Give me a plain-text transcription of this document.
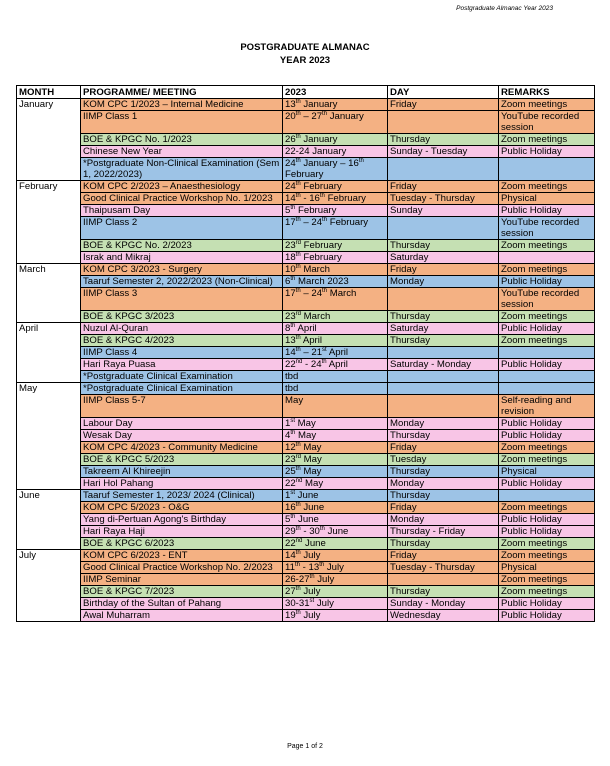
Postgraduate Almanac Year 2023
POSTGRADUATE ALMANAC
YEAR 2023
MONTH	PROGRAMME/ MEETING	2023	DAY	REMARKS
January	KOM CPC 1/2023 – Internal Medicine	13th January	Friday	Zoom meetings
	IIMP Class 1	20th – 27th January		YouTube recorded session
	BOE & KPGC No. 1/2023	26th January	Thursday	Zoom meetings
	Chinese New Year	22-24 January	Sunday - Tuesday	Public Holiday
	*Postgraduate Non-Clinical Examination (Sem 1, 2022/2023)	24th January – 16th February		
February	KOM CPC 2/2023 – Anaesthesiology	24th February	Friday	Zoom meetings
	Good Clinical Practice Workshop No. 1/2023	14th - 16th February	Tuesday - Thursday	Physical
	Thaipusam Day	5th February	Sunday	Public Holiday
	IIMP Class 2	17th – 24th February		YouTube recorded session
	BOE & KPGC No. 2/2023	23rd February	Thursday	Zoom meetings
	Israk and Mikraj	18th February	Saturday	
March	KOM CPC 3/2023 - Surgery	10th March	Friday	Zoom meetings
	Taaruf Semester 2, 2022/2023 (Non-Clinical)	6th March 2023	Monday	Public Holiday
	IIMP Class 3	17th – 24th March		YouTube recorded session
	BOE & KPGC 3/2023	23rd March	Thursday	Zoom meetings
April	Nuzul Al-Quran	8th April	Saturday	Public Holiday
	BOE & KPGC 4/2023	13th April	Thursday	Zoom meetings
	IIMP Class 4	14th – 21st April		
	Hari Raya Puasa	22nd - 24th April	Saturday - Monday	Public Holiday
	*Postgraduate Clinical Examination	tbd		
May	*Postgraduate Clinical Examination	tbd		
	IIMP Class 5-7	May		Self-reading and revision
	Labour Day	1st May	Monday	Public Holiday
	Wesak Day	4th May	Thursday	Public Holiday
	KOM CPC 4/2023 - Community Medicine	12th May	Friday	Zoom meetings
	BOE & KPGC 5/2023	23rd May	Tuesday	Zoom meetings
	Takreem Al Khireejin	25th May	Thursday	Physical
	Hari Hol Pahang	22nd May	Monday	Public Holiday
June	Taaruf Semester 1, 2023/ 2024 (Clinical)	1st June	Thursday	
	KOM CPC 5/2023 - O&G	16th June	Friday	Zoom meetings
	Yang di-Pertuan Agong's Birthday	5th June	Monday	Public Holiday
	Hari Raya Haji	29th - 30th June	Thursday - Friday	Public Holiday
	BOE & KPGC 6/2023	22nd June	Thursday	Zoom meetings
July	KOM CPC 6/2023 - ENT	14th July	Friday	Zoom meetings
	Good Clinical Practice Workshop No. 2/2023	11th - 13th July	Tuesday - Thursday	Physical
	IIMP Seminar	26-27th July		Zoom meetings
	BOE & KPGC 7/2023	27th July	Thursday	Zoom meetings
	Birthday of the Sultan of Pahang	30-31st July	Sunday - Monday	Public Holiday
	Awal Muharram	19th July	Wednesday	Public Holiday
Page 1 of 2
